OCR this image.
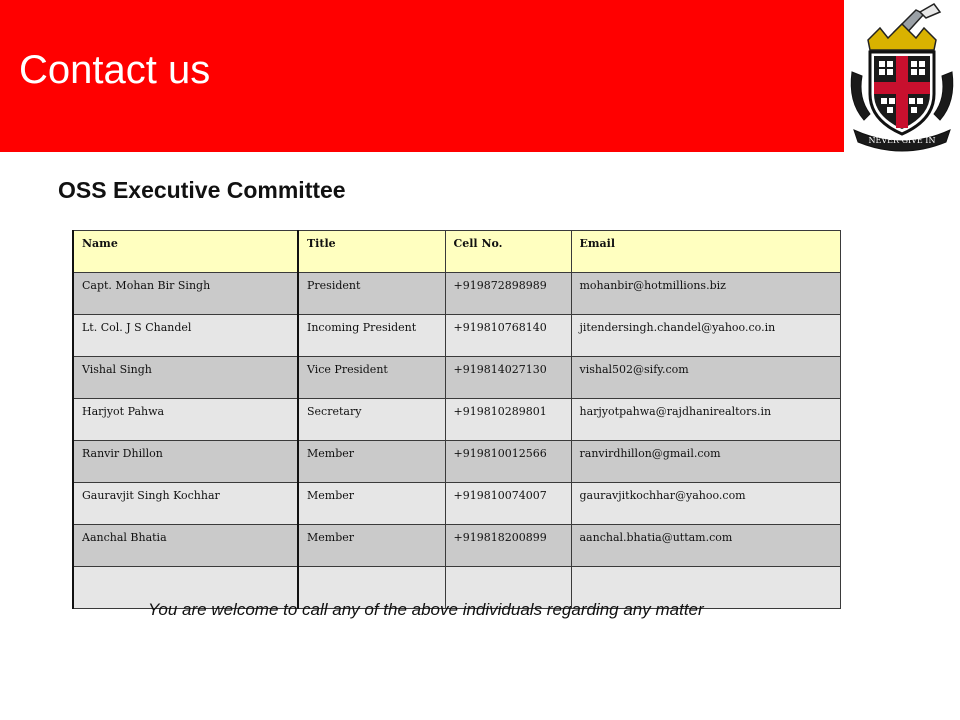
Contact us
NEVER GIVE IN
OSS Executive Committee
Name	Title	Cell No.	Email
Capt. Mohan Bir Singh	President	+919872898989	mohanbir@hotmillions.biz
Lt. Col. J S Chandel	Incoming President	+919810768140	jitendersingh.chandel@yahoo.co.in
Vishal Singh	Vice President	+919814027130	vishal502@sify.com
Harjyot Pahwa	Secretary	+919810289801	harjyotpahwa@rajdhanirealtors.in
Ranvir Dhillon	Member	+919810012566	ranvirdhillon@gmail.com
Gauravjit Singh Kochhar	Member	+919810074007	gauravjitkochhar@yahoo.com
Aanchal Bhatia	Member	+919818200899	aanchal.bhatia@uttam.com

You are welcome to call any of the above individuals regarding any matter
